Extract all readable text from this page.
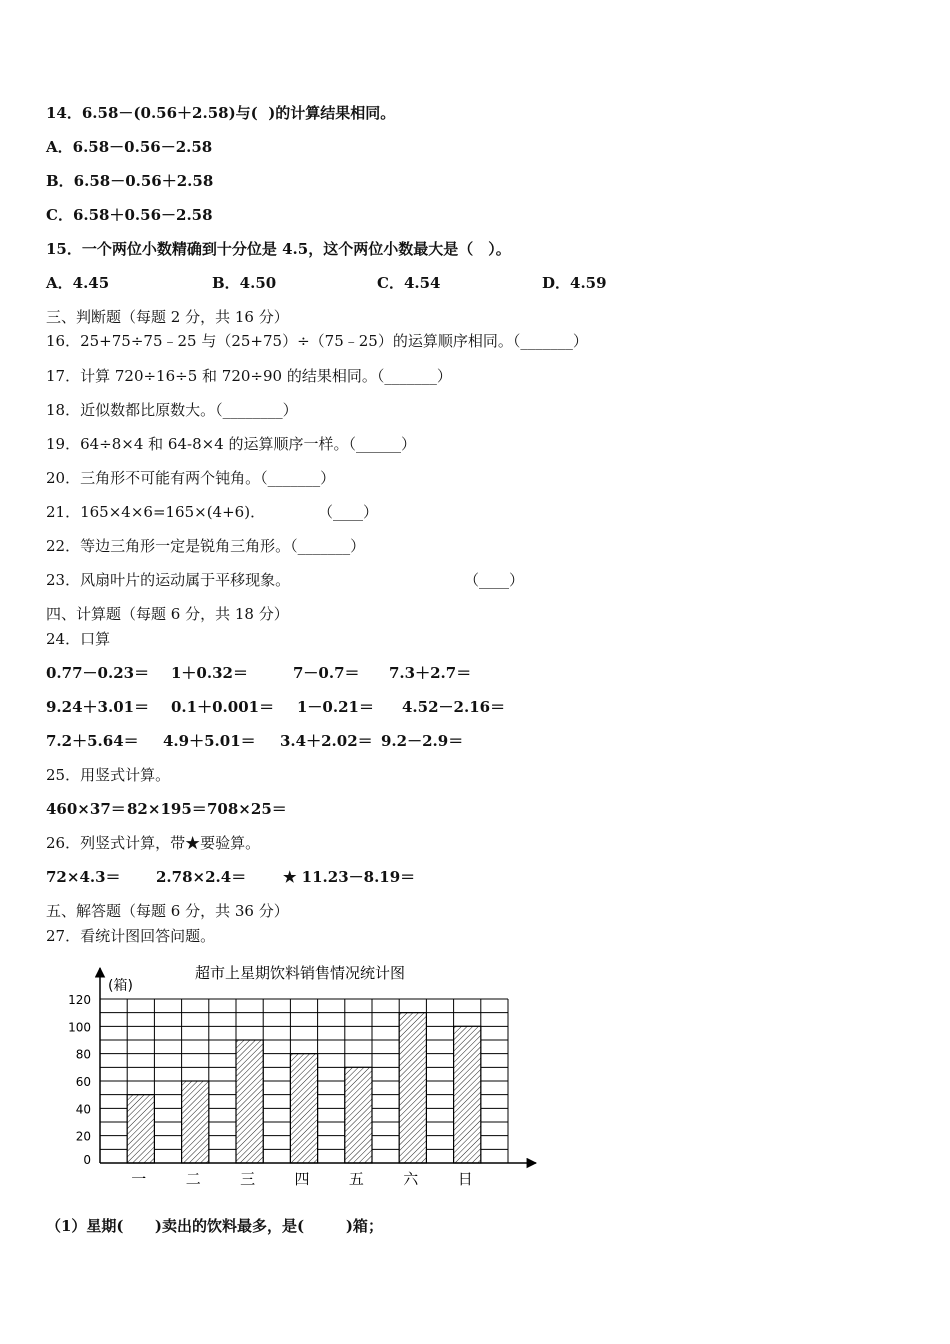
14．6.58－(0.56＋2.58)与(  )的计算结果相同。
A．6.58－0.56－2.58
B．6.58－0.56＋2.58
C．6.58＋0.56－2.58
15．一个两位小数精确到十分位是 4.5，这个两位小数最大是（　）。
A．4.45	B．4.50	C．4.54	D．4.59
三、判断题（每题 2 分，共 16 分）
16．25+75÷75﹣25 与（25+75）÷（75﹣25）的运算顺序相同。（_______）
17．计算 720÷16÷5 和 720÷90 的结果相同。（_______）
18．近似数都比原数大。（________）
19．64÷8×4 和 64-8×4 的运算顺序一样。（______）
20．三角形不可能有两个钝角。（_______）
21．165×4×6=165×(4+6)．	（____）
22．等边三角形一定是锐角三角形。（_______）
23．风扇叶片的运动属于平移现象。	（____）
四、计算题（每题 6 分，共 18 分）
24．口算
0.77－0.23＝ 1＋0.32＝	7－0.7＝ 7.3＋2.7＝
9.24＋3.01＝ 0.1＋0.001＝ 1－0.21＝ 4.52－2.16＝
7.2＋5.64＝ 4.9＋5.01＝ 3.4＋2.02＝ 9.2－2.9＝
25．用竖式计算。
460×37＝ 82×195＝ 708×25＝
26．列竖式计算，带★要验算。
72×4.3＝ 2.78×2.4＝ ★ 11.23－8.19＝
五、解答题（每题 6 分，共 36 分）
27．看统计图回答问题。
超市上星期饮料销售情况统计图
(箱)
0
20
40
60
80
100
120
一	二	三	四	五	六	日
（1）星期(      )卖出的饮料最多，是(        )箱；
